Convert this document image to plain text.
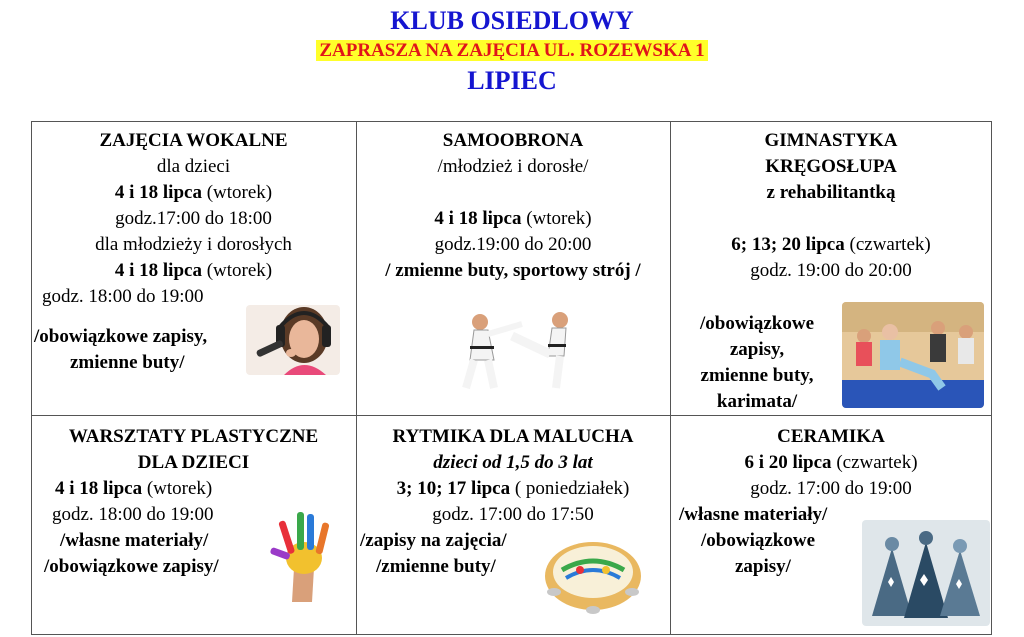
KLUB OSIEDLOWY
ZAPRASZA NA ZAJĘCIA UL. ROZEWSKA 1
LIPIEC
ZAJĘCIA WOKALNE
dla dzieci
4 i 18 lipca (wtorek)
godz.17:00 do 18:00
dla młodzieży i dorosłych
4 i 18 lipca (wtorek)
godz. 18:00 do 19:00
/obowiązkowe zapisy,
zmienne buty/
SAMOOBRONA
/młodzież i dorosłe/
4 i 18 lipca (wtorek)
godz.19:00 do 20:00
/ zmienne buty, sportowy strój /
GIMNASTYKA
KRĘGOSŁUPA
z rehabilitantką
6; 13; 20 lipca (czwartek)
godz. 19:00 do 20:00
/obowiązkowe
zapisy,
zmienne buty,
karimata/
WARSZTATY PLASTYCZNE
DLA DZIECI
4 i 18 lipca (wtorek)
godz. 18:00 do 19:00
/własne materiały/
/obowiązkowe zapisy/
RYTMIKA DLA MALUCHA
dzieci od 1,5 do 3 lat
3; 10; 17 lipca ( poniedziałek)
godz. 17:00 do 17:50
/zapisy na zajęcia/
/zmienne buty/
CERAMIKA
6 i 20 lipca (czwartek)
godz. 17:00 do 19:00
/własne materiały/
/obowiązkowe
zapisy/
